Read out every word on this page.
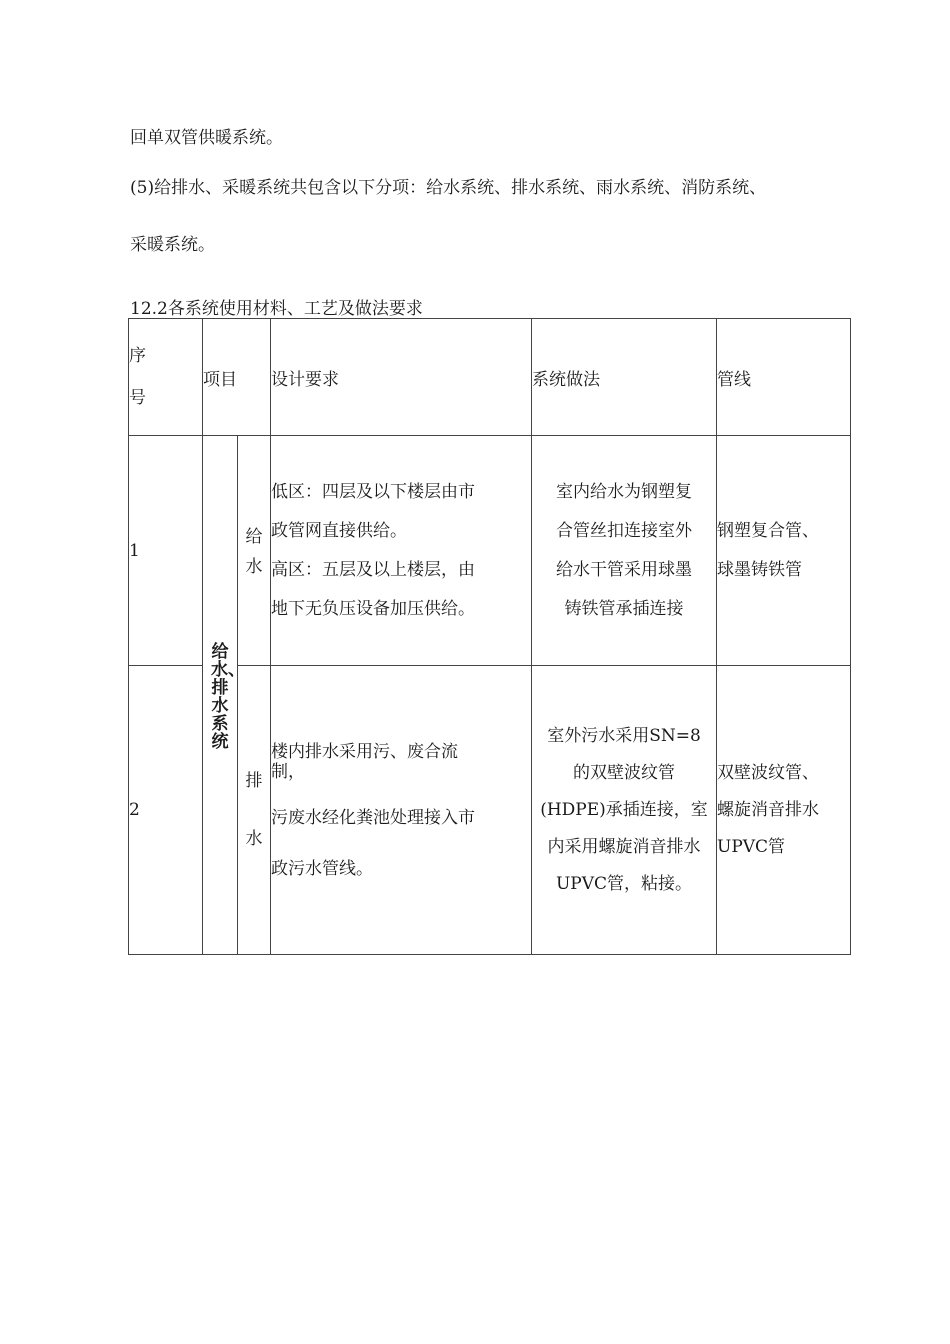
回单双管供暖系统。

(5)给排水、采暖系统共包含以下分项：给水系统、排水系统、雨水系统、消防系统、

采暖系统。

12.2各系统使用材料、工艺及做法要求

序
号	项目		设计要求	系统做法	管线
1	给水、排水系统	给水	低区：四层及以下楼层由市
政管网直接供给。
高区：五层及以上楼层，由
地下无负压设备加压供给。	室内给水为钢塑复
合管丝扣连接室外
给水干管采用球墨
铸铁管承插连接	钢塑复合管、
球墨铸铁管

2		排水	楼内排水采用污、废合流
制，
污废水经化粪池处理接入市
政污水管线。	室外污水采用SN=8
的双壁波纹管
(HDPE)承插连接，室
内采用螺旋消音排水
UPVC管，粘接。	双壁波纹管、
螺旋消音排水
UPVC管
